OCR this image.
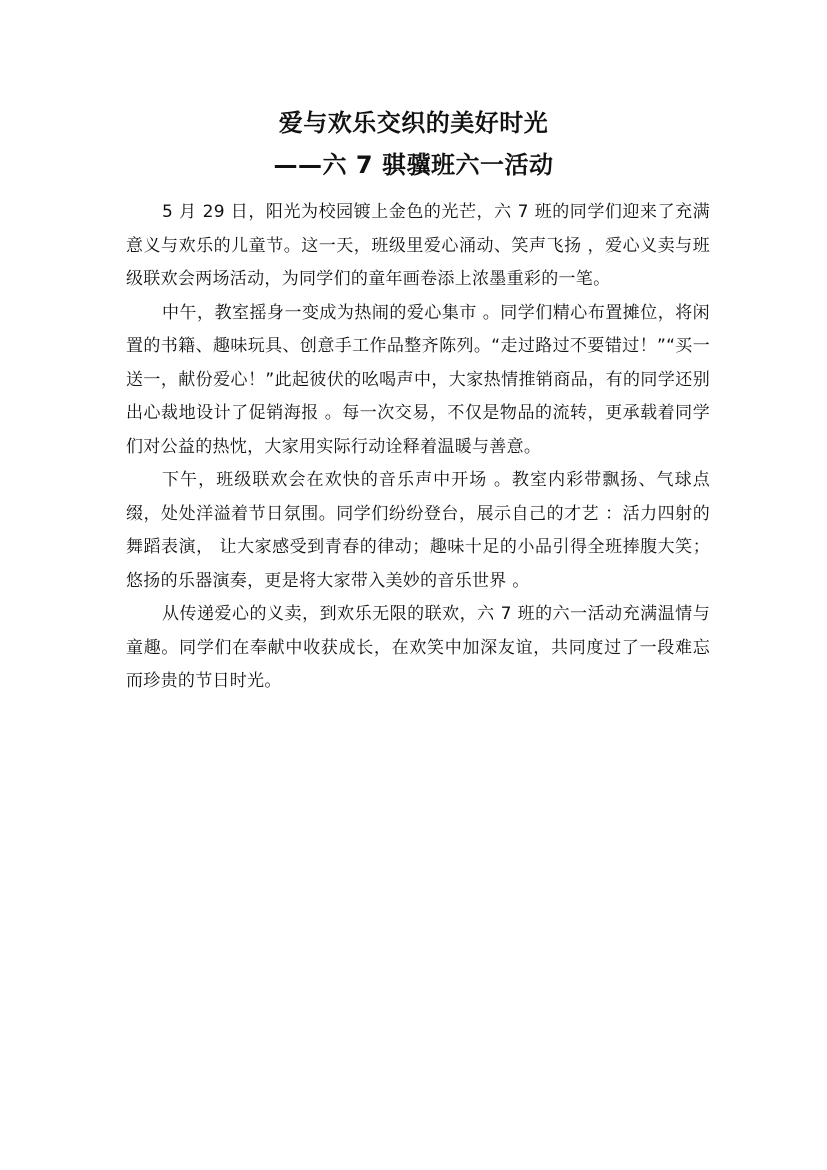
爱与欢乐交织的美好时光
——六 7 骐骥班六一活动

5 月 29 日，阳光为校园镀上金色的光芒，六 7 班的同学们迎来了充满意义与欢乐的儿童节。这一天，班级里爱心涌动、笑声飞扬 ，爱心义卖与班级联欢会两场活动，为同学们的童年画卷添上浓墨重彩的一笔。

中午，教室摇身一变成为热闹的爱心集市 。同学们精心布置摊位，将闲置的书籍、趣味玩具、创意手工作品整齐陈列。“走过路过不要错过！”“买一送一，献份爱心！”此起彼伏的吆喝声中，大家热情推销商品，有的同学还别出心裁地设计了促销海报 。每一次交易，不仅是物品的流转，更承载着同学们对公益的热忱，大家用实际行动诠释着温暖与善意。

下午，班级联欢会在欢快的音乐声中开场 。教室内彩带飘扬、气球点缀，处处洋溢着节日氛围。同学们纷纷登台，展示自己的才艺 ：活力四射的舞蹈表演， 让大家感受到青春的律动；趣味十足的小品引得全班捧腹大笑；悠扬的乐器演奏，更是将大家带入美妙的音乐世界 。

从传递爱心的义卖，到欢乐无限的联欢，六 7 班的六一活动充满温情与童趣。同学们在奉献中收获成长，在欢笑中加深友谊，共同度过了一段难忘而珍贵的节日时光。
